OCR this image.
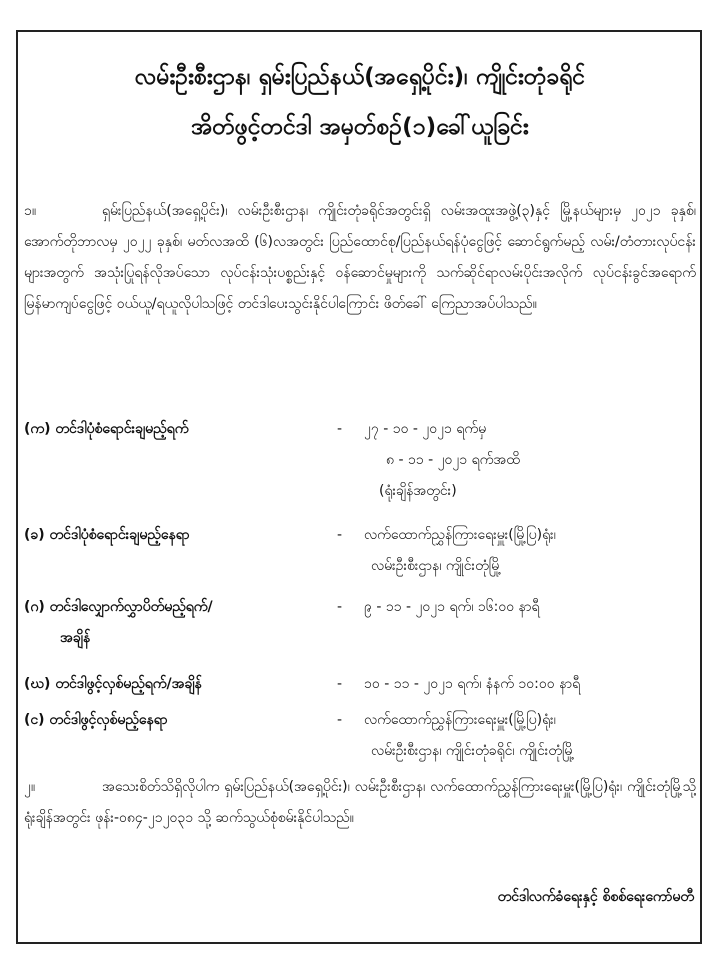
လမ်းဦးစီးဌာန၊ ရှမ်းပြည်နယ်(အရှေ့ပိုင်း)၊ ကျိုင်းတုံခရိုင်
အိတ်ဖွင့်တင်ဒါ အမှတ်စဉ်(၁)ခေါ်ယူခြင်း
၁။	ရှမ်းပြည်နယ်(အရှေ့ပိုင်း)၊ လမ်းဦးစီးဌာန၊ ကျိုင်းတုံခရိုင်အတွင်းရှိ လမ်းအထူးအဖွဲ့(၃)နှင့် မြို့နယ်များမှ ၂၀၂၁ ခုနှစ်၊ အောက်တိုဘာလမှ ၂၀၂၂ ခုနှစ်၊ မတ်လအထိ (၆)လအတွင်း ပြည်ထောင်စု/ပြည်နယ်ရန်ပုံငွေဖြင့် ဆောင်ရွက်မည့် လမ်း/တံတားလုပ်ငန်းများအတွက် အသုံးပြုရန်လိုအပ်သော လုပ်ငန်းသုံးပစ္စည်းနှင့် ဝန်ဆောင်မှုများကို သက်ဆိုင်ရာလမ်းပိုင်းအလိုက် လုပ်ငန်းခွင်အရောက် မြန်မာကျပ်ငွေဖြင့် ဝယ်ယူ/ရယူလိုပါသဖြင့် တင်ဒါပေးသွင်းနိုင်ပါကြောင်း ဖိတ်ခေါ် ကြေညာအပ်ပါသည်။
(က) တင်ဒါပုံစံရောင်းချမည့်ရက်	- ၂၇ - ၁၀ - ၂၀၂၁ ရက်မှ
၈ - ၁၁ - ၂၀၂၁ ရက်အထိ
(ရုံးချိန်အတွင်း)
(ခ) တင်ဒါပုံစံရောင်းချမည့်နေရာ	- လက်ထောက်ညွှန်ကြားရေးမှူး(မြို့ပြ)ရုံး၊
လမ်းဦးစီးဌာန၊ ကျိုင်းတုံမြို့
(ဂ) တင်ဒါလျှောက်လွှာပိတ်မည့်ရက်/
အချိန်
- ၉ - ၁၁ - ၂၀၂၁ ရက်၊ ၁၆:၀၀ နာရီ
(ဃ) တင်ဒါဖွင့်လှစ်မည့်ရက်/အချိန်	- ၁၀ - ၁၁ - ၂၀၂၁ ရက်၊ နံနက် ၁၀:၀၀ နာရီ
(င) တင်ဒါဖွင့်လှစ်မည့်နေရာ	- လက်ထောက်ညွှန်ကြားရေးမှူး(မြို့ပြ)ရုံး၊
လမ်းဦးစီးဌာန၊ ကျိုင်းတုံခရိုင်၊ ကျိုင်းတုံမြို့
၂။	အသေးစိတ်သိရှိလိုပါက ရှမ်းပြည်နယ်(အရှေ့ပိုင်း)၊ လမ်းဦးစီးဌာန၊ လက်ထောက်ညွှန်ကြားရေးမှူး(မြို့ပြ)ရုံး၊ ကျိုင်းတုံမြို့သို့ ရုံးချိန်အတွင်း ဖုန်း-၀၈၄-၂၁၂၀၃၁ သို့ ဆက်သွယ်စုံစမ်းနိုင်ပါသည်။
တင်ဒါလက်ခံရေးနှင့် စိစစ်ရေးကော်မတီ
